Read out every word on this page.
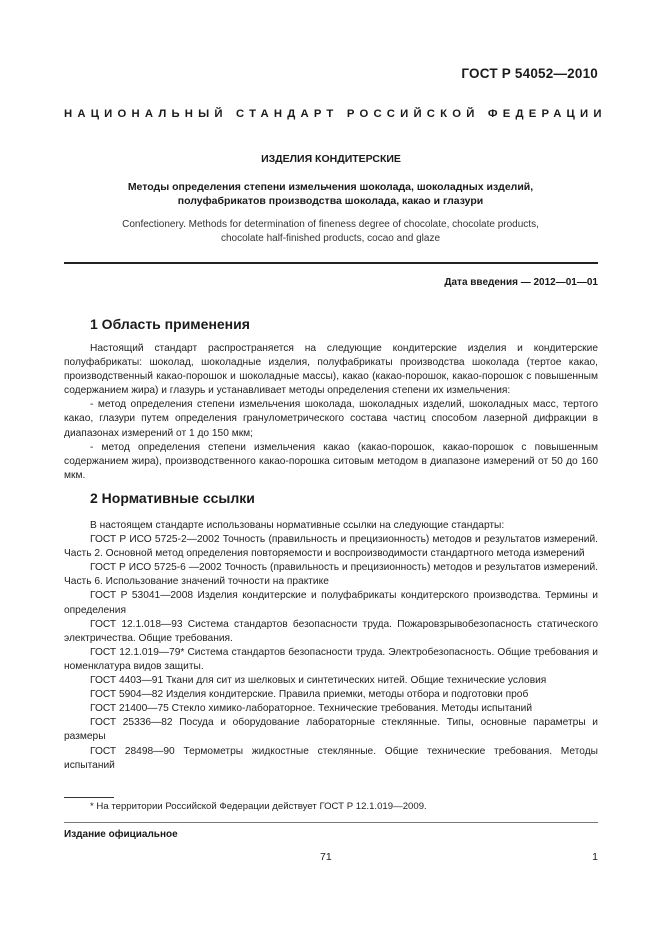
ГОСТ Р 54052—2010
НАЦИОНАЛЬНЫЙ СТАНДАРТ РОССИЙСКОЙ ФЕДЕРАЦИИ
ИЗДЕЛИЯ КОНДИТЕРСКИЕ
Методы определения степени измельчения шоколада, шоколадных изделий,
полуфабрикатов производства шоколада, какао и глазури
Confectionery. Methods for determination of fineness degree of chocolate, chocolate products,
chocolate half-finished products, cocao and glaze
Дата введения — 2012—01—01
1 Область применения

Настоящий стандарт распространяется на следующие кондитерские изделия и кондитерские полуфабрикаты: шоколад, шоколадные изделия, полуфабрикаты производства шоколада (тертое какао, производственный какао-порошок и шоколадные массы), какао (какао-порошок, какао-порошок с повышенным содержанием жира) и глазурь и устанавливает методы определения степени их измельчения:

- метод определения степени измельчения шоколада, шоколадных изделий, шоколадных масс, тертого какао, глазури путем определения гранулометрического состава частиц способом лазерной дифракции в диапазонах измерений от 1 до 150 мкм;

- метод определения степени измельчения какао (какао-порошок, какао-порошок с повышенным содержанием жира), производственного какао-порошка ситовым методом в диапазоне измерений от 50 до 160 мкм.

2 Нормативные ссылки

В настоящем стандарте использованы нормативные ссылки на следующие стандарты:

ГОСТ Р ИСО 5725-2—2002 Точность (правильность и прецизионность) методов и результатов измерений. Часть 2. Основной метод определения повторяемости и воспроизводимости стандартного метода измерений

ГОСТ Р ИСО 5725-6 —2002 Точность (правильность и прецизионность) методов и результатов измерений. Часть 6. Использование значений точности на практике

ГОСТ Р 53041—2008 Изделия кондитерские и полуфабрикаты кондитерского производства. Термины и определения

ГОСТ 12.1.018—93 Система стандартов безопасности труда. Пожаровзрывобезопасность статического электричества. Общие требования.

ГОСТ 12.1.019—79* Система стандартов безопасности труда. Электробезопасность. Общие требования и номенклатура видов защиты.

ГОСТ 4403—91 Ткани для сит из шелковых и синтетических нитей. Общие технические условия

ГОСТ 5904—82 Изделия кондитерские. Правила приемки, методы отбора и подготовки проб

ГОСТ 21400—75 Стекло химико-лабораторное. Технические требования. Методы испытаний

ГОСТ 25336—82 Посуда и оборудование лабораторные стеклянные. Типы, основные параметры и размеры

ГОСТ 28498—90 Термометры жидкостные стеклянные. Общие технические требования. Методы испытаний

* На территории Российской Федерации действует ГОСТ Р 12.1.019—2009.
Издание официальное
71	1
